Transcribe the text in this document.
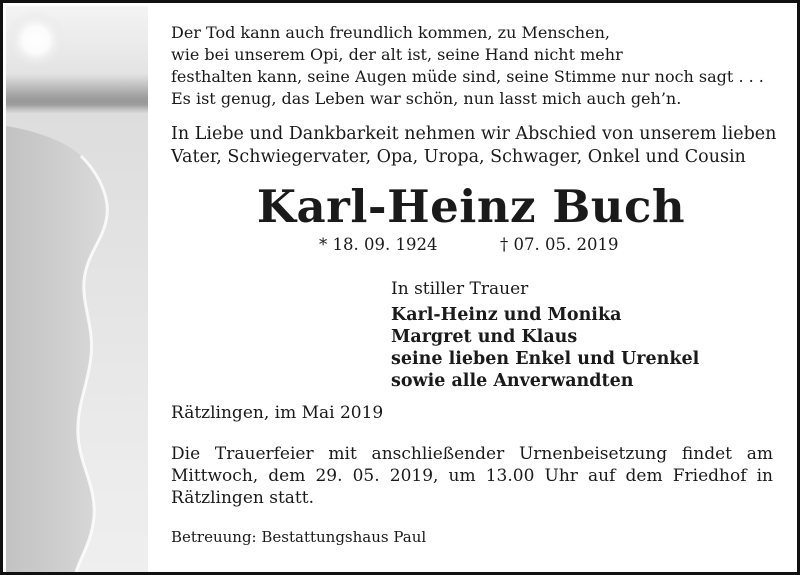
Der Tod kann auch freundlich kommen, zu Menschen,
wie bei unserem Opi, der alt ist, seine Hand nicht mehr
festhalten kann, seine Augen müde sind, seine Stimme nur noch sagt . . .
Es ist genug, das Leben war schön, nun lasst mich auch geh’n.
In Liebe und Dankbarkeit nehmen wir Abschied von unserem lieben
Vater, Schwiegervater, Opa, Uropa, Schwager, Onkel und Cousin
Karl-Heinz Buch
* 18. 09. 1924	† 07. 05. 2019
In stiller Trauer
Karl-Heinz und Monika
Margret und Klaus
seine lieben Enkel und Urenkel
sowie alle Anverwandten
Rätzlingen, im Mai 2019
Die Trauerfeier mit anschließender Urnenbeisetzung findet am
Mittwoch, dem 29. 05. 2019, um 13.00 Uhr auf dem Friedhof in
Rätzlingen statt.
Betreuung: Bestattungshaus Paul
